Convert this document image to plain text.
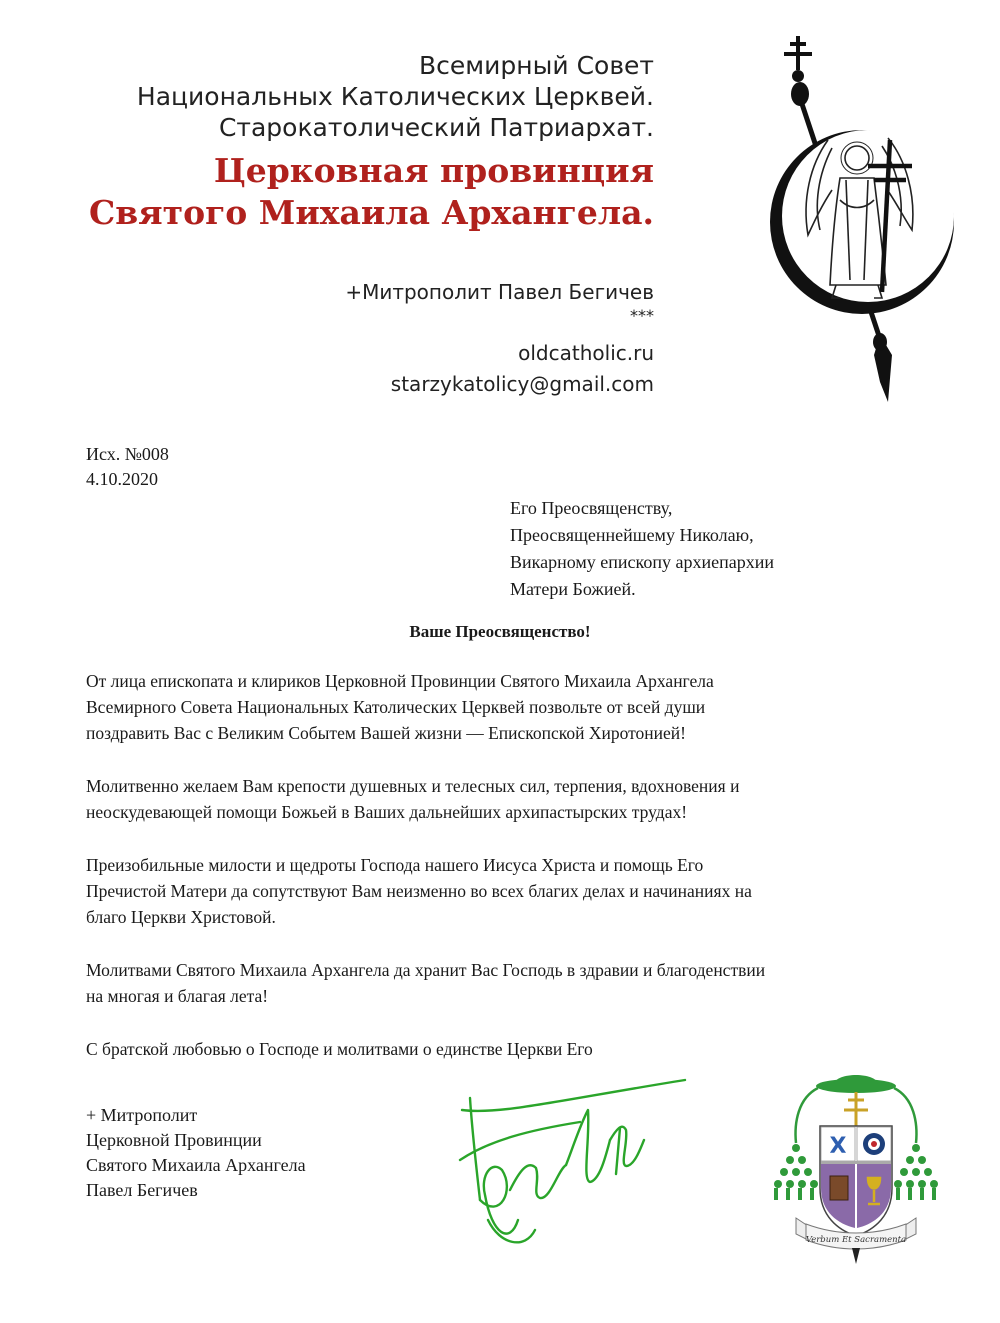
Всемирный Совет
Национальных Католических Церквей.
Старокатолический Патриархат.
Церковная провинция
Святого Михаила Архангела.
+Митрополит Павел Бегичев
***
oldcatholic.ru
starzykatolicy@gmail.com
Исх. №008
4.10.2020
Его Преосвященству,
Преосвященнейшему Николаю,
Викарному епископу архиепархии
Матери Божией.
Ваше Преосвященство!

От лица епископата и клириков Церковной Провинции Святого Михаила Архангела
Всемирного Совета Национальных Католических Церквей позвольте от всей души
поздравить Вас с Великим Событем Вашей жизни — Епископской Хиротонией!

Молитвенно желаем Вам крепости душевных и телесных сил, терпения, вдохновения и
неоскудевающей помощи Божьей в Ваших дальнейших архипастырских трудах!

Преизобильные милости и щедроты Господа нашего Иисуса Христа и помощь Его
Пречистой Матери да сопутствуют Вам неизменно во всех благих делах и начинаниях на
благо Церкви Христовой.

Молитвами Святого Михаила Архангела да хранит Вас Господь в здравии и благоденствии
на многая и благая лета!

С братской любовью о Господе и молитвами о единстве Церкви Его

+ Митрополит
Церковной Провинции
Святого Михаила Архангела
Павел Бегичев
Χ
Verbum Et Sacramenta
